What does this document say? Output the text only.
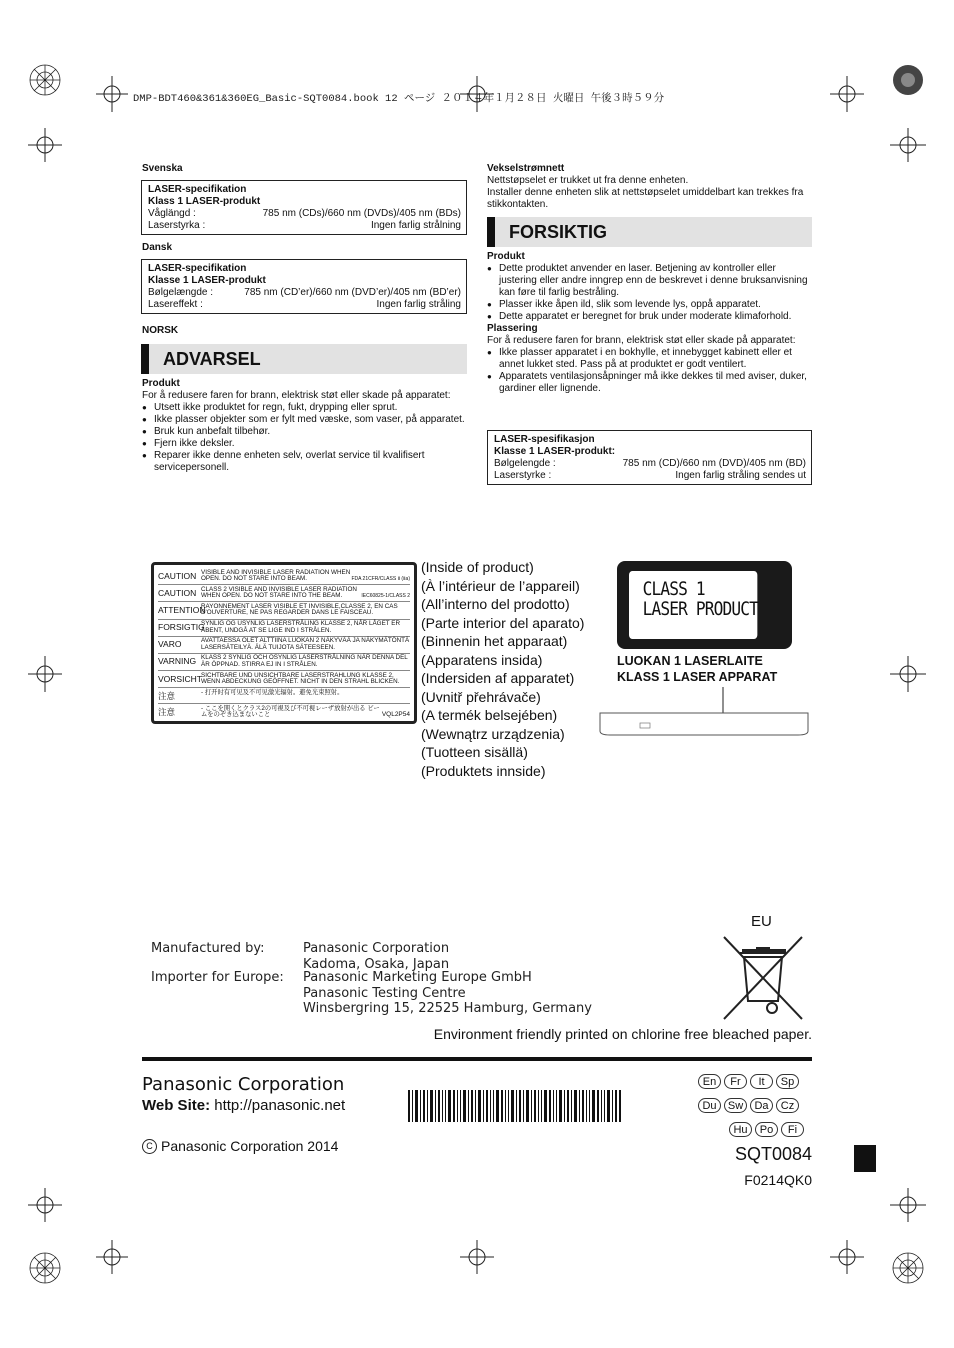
DMP-BDT460&361&360EG_Basic-SQT0084.book 12 ページ ２０１４年１月２８日 火曜日 午後３時５９分
Svenska
LASER-specifikation
Klass 1 LASER-produkt
Våglängd :	785 nm (CDs)/660 nm (DVDs)/405 nm (BDs)
Laserstyrka :	Ingen farlig strålning
Dansk
LASER-specifikation
Klasse 1 LASER-produkt
Bølgelængde :	785 nm (CD’er)/660 nm (DVD’er)/405 nm (BD’er)
Lasereffekt :	Ingen farlig stråling
NORSK
ADVARSEL
Produkt
For å redusere faren for brann, elektrisk støt eller skade på apparatet:
● Utsett ikke produktet for regn, fukt, drypping eller sprut.
● Ikke plasser objekter som er fylt med væske, som vaser, på apparatet.
● Bruk kun anbefalt tilbehør.
● Fjern ikke deksler.
● Reparer ikke denne enheten selv, overlat service til kvalifisert servicepersonell.
Vekselstrømnett
Nettstøpselet er trukket ut fra denne enheten.
Installer denne enheten slik at nettstøpselet umiddelbart kan trekkes fra stikkontakten.
FORSIKTIG
Produkt
● Dette produktet anvender en laser. Betjening av kontroller eller justering eller andre inngrep enn de beskrevet i denne bruksanvisning kan føre til farlig bestråling.
● Plasser ikke åpen ild, slik som levende lys, oppå apparatet.
● Dette apparatet er beregnet for bruk under moderate klimaforhold.
Plassering
For å redusere faren for brann, elektrisk støt eller skade på apparatet:
● Ikke plasser apparatet i en bokhylle, et innebygget kabinett eller et annet lukket sted. Pass på at produktet er godt ventilert.
● Apparatets ventilasjonsåpninger må ikke dekkes til med aviser, duker, gardiner eller lignende.
LASER-spesifikasjon
Klasse 1 LASER-produkt:
Bølgelengde :	785 nm (CD)/660 nm (DVD)/405 nm (BD)
Laserstyrke :	Ingen farlig stråling sendes ut
CAUTION VISIBLE AND INVISIBLE LASER RADIATION WHEN OPEN. DO NOT STARE INTO BEAM.	FDA 21CFR/CLASS Ⅱ (Ⅱa)
CAUTION CLASS 2 VISIBLE AND INVISIBLE LASER RADIATION WHEN OPEN. DO NOT STARE INTO THE BEAM.	IEC60825-1/CLASS 2
ATTENTION
RAYONNEMENT LASER VISIBLE ET INVISIBLE,CLASSE 2, EN CAS D'OUVERTURE, NE PAS REGARDER DANS LE FAISCEAU.
FORSIGTIG
SYNLIG OG USYNLIG LASERSTRÅLING KLASSE 2, NÅR LÅGET ER ÅBENT, UNDGÅ AT SE LIGE IND I STRÅLEN.
VARO	AVATTAESSA OLET ALTTIINA LUOKAN 2 NÄKYVÄÄ JA NÄKYMÄTÖNTÄ LASERSÄTEILYÄ. ÄLÄ TUIJOTA SÄTEESEEN.
VARNING KLASS 2 SYNLIG OCH OSYNLIG LASERSTRÅLNING NÄR DENNA DEL ÄR ÖPPNAD. STIRRA EJ IN I STRÅLEN.
VORSICHT SICHTBARE UND UNSICHTBARE LASERSTRAHLUNG KLASSE 2, WENN ABDECKUNG GEÖFFNET. NICHT IN DEN STRAHL BLICKEN.
注意	- 打开时有可见及不可见激光辐射。避免光束照射。
注意	- ここを開くとクラス2の可視及び不可視レーザ放射が出る ビームをのぞき込まないこと	VQL2P54
(Inside of product)
(À l’intérieur de l’appareil)
(All’interno del prodotto)
(Parte interior del aparato)
(Binnenin het apparaat)
(Apparatens insida)
(Indersiden af apparatet)
(Uvnitř přehrávače)
(A termék belsejében)
(Wewnątrz urządzenia)
(Tuotteen sisällä)
(Produktets innside)
CLASS 1
LASER PRODUCT
LUOKAN 1 LASERLAITE
KLASS 1 LASER APPARAT
EU
Manufactured by:	Panasonic Corporation
Kadoma, Osaka, Japan
Importer for Europe: Panasonic Marketing Europe GmbH
Panasonic Testing Centre
Winsbergring 15, 22525 Hamburg, Germany
Environment friendly printed on chlorine free bleached paper.
Panasonic Corporation
Web Site: http://panasonic.net
C Panasonic Corporation 2014
En Fr It Sp
Du Sw Da Cz
Hu Po Fi
SQT0084
F0214QK0
